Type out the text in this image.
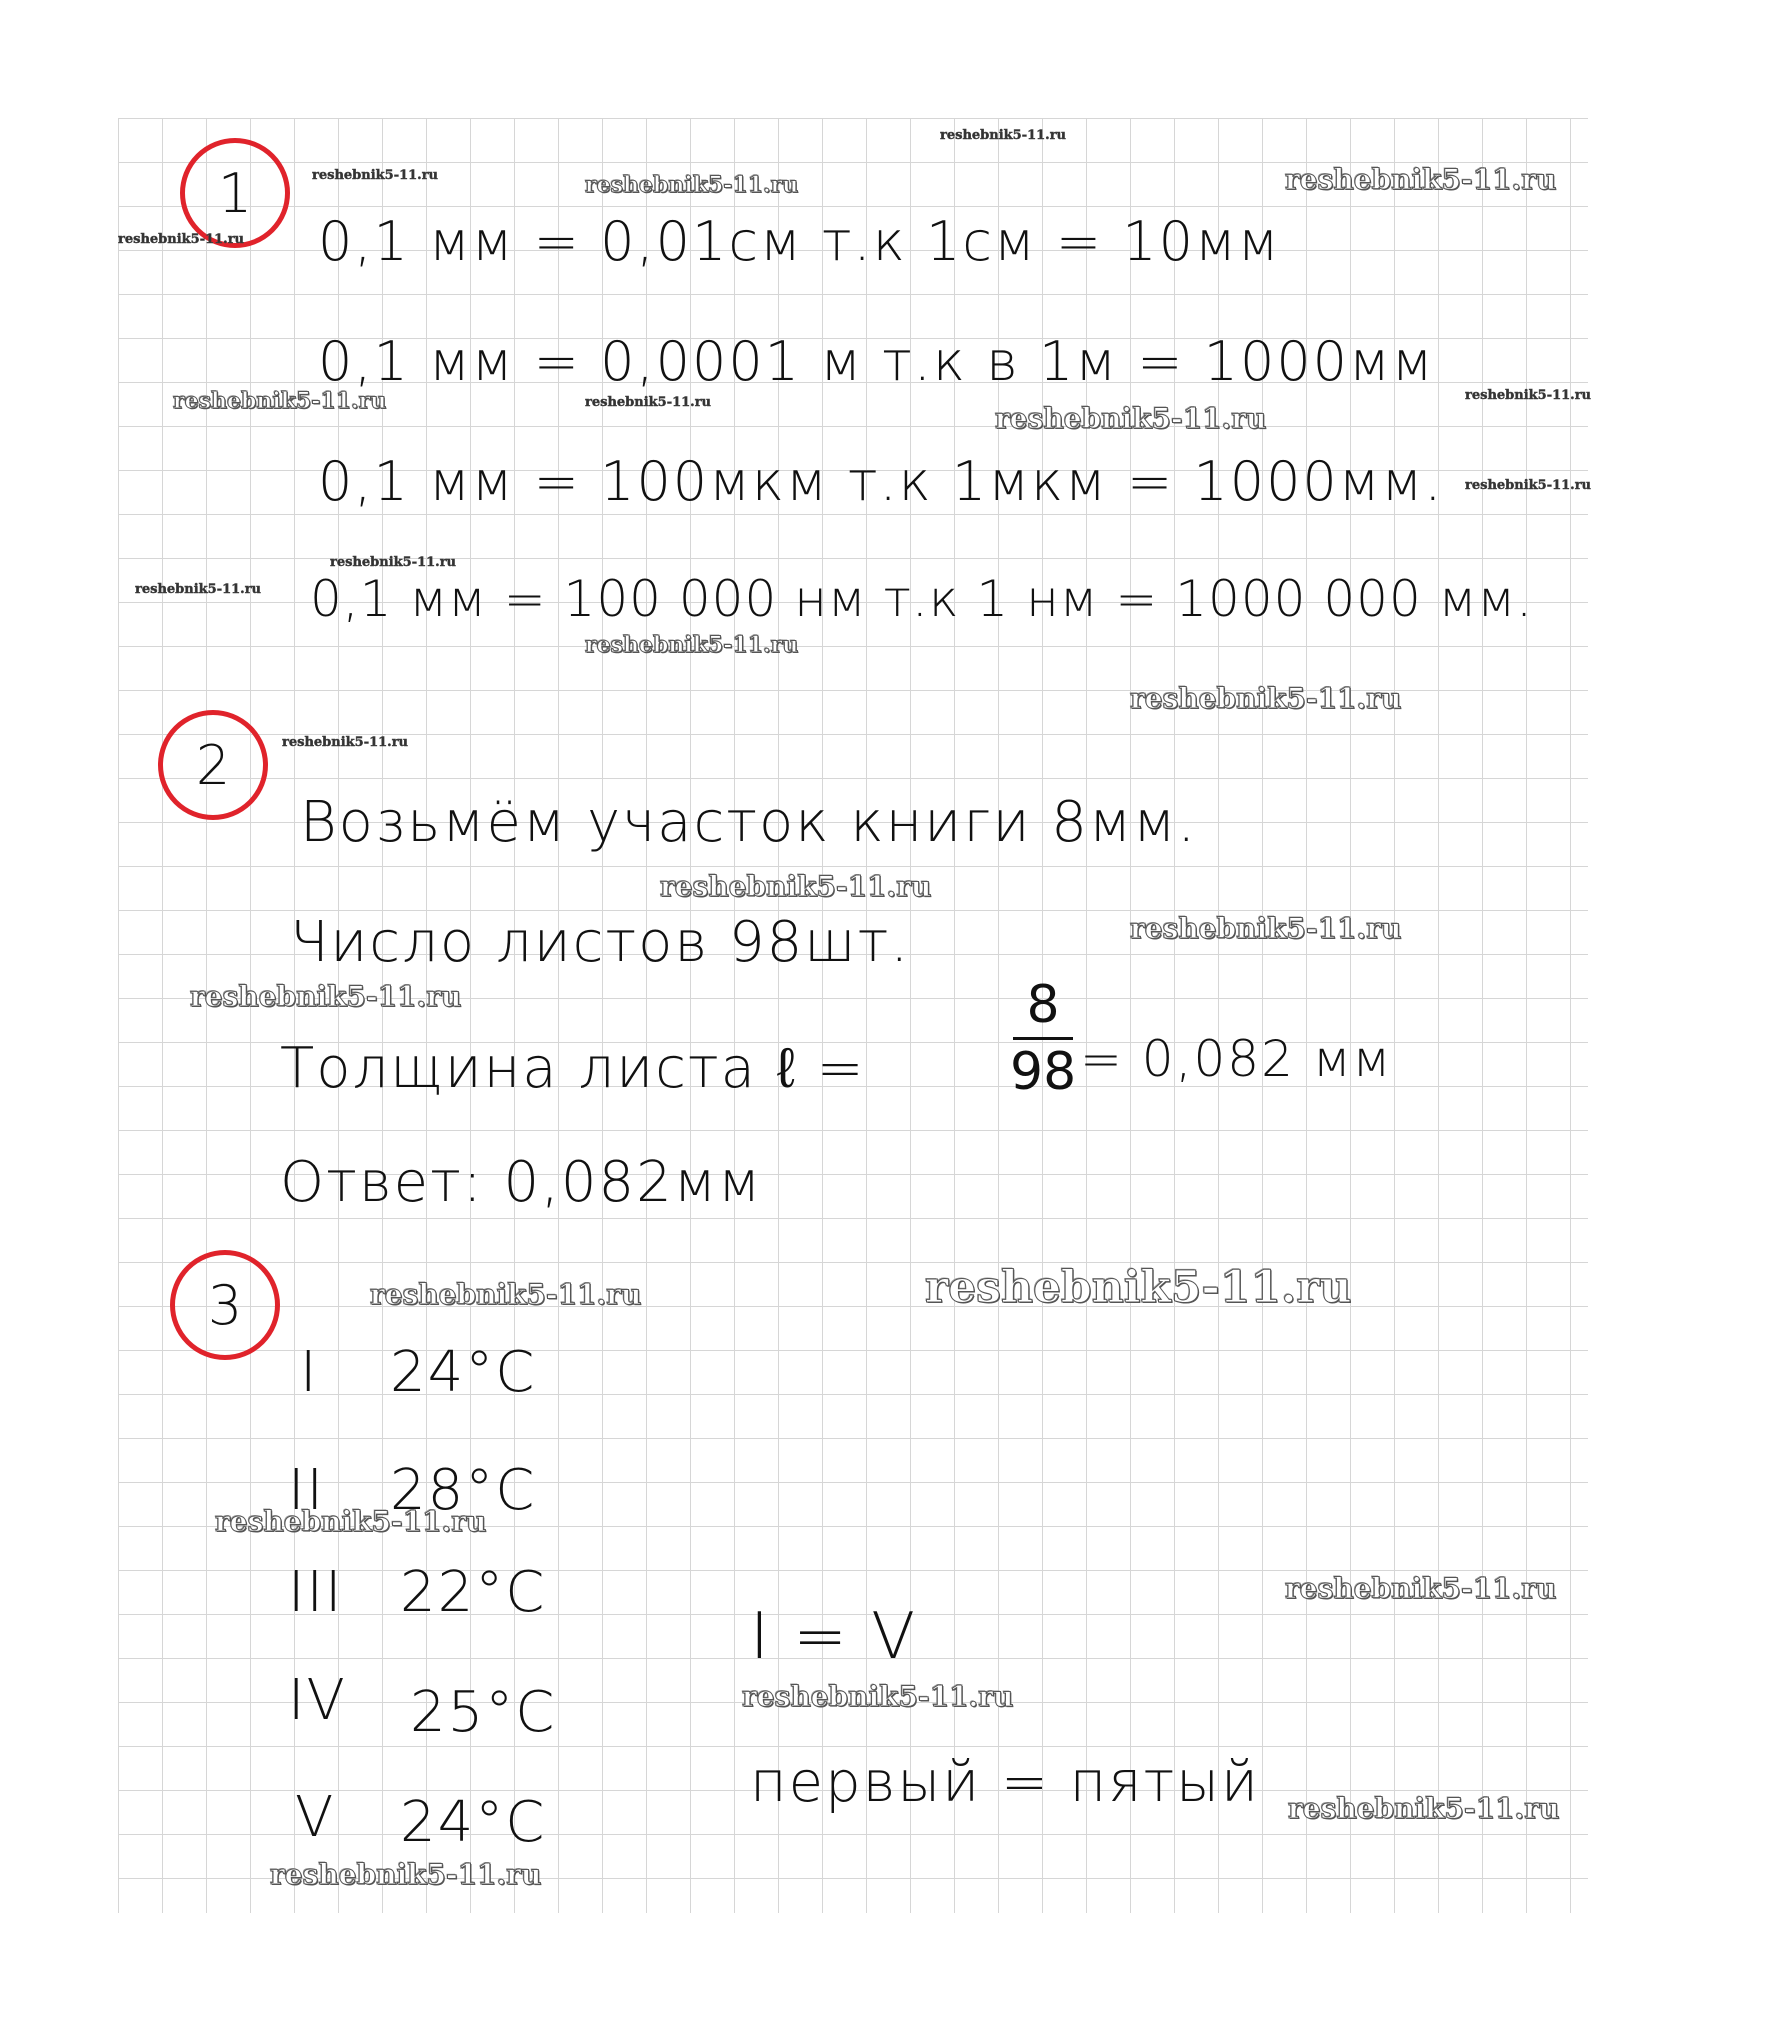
1
0,1 мм = 0,01см т.к 1см = 10мм
0,1 мм = 0,0001 м т.к в 1м = 1000мм
0,1 мм = 100мкм т.к 1мкм = 1000мм.
0,1 мм = 100 000 нм т.к 1 нм = 1000 000 мм.
2
Возьмём участок книги 8мм.
Число листов 98шт.
Толщина листа ℓ =
8
98 = 0,082 мм
Ответ: 0,082мм
3
I 24°C
II 28°C
III 22°C
IV 25°C
V 24°C
I = V
первый = пятый
reshebnik5-11.ru
reshebnik5-11.ru
reshebnik5-11.ru
reshebnik5-11.ru	reshebnik5-11.ru
reshebnik5-11.ru	reshebnik5-11.ru	reshebnik5-11.ru
reshebnik5-11.ru
reshebnik5-11.ru
reshebnik5-11.ru
reshebnik5-11.ru
reshebnik5-11.ru
reshebnik5-11.ru
reshebnik5-11.ru
reshebnik5-11.ru
reshebnik5-11.ru
reshebnik5-11.ru
reshebnik5-11.ru	reshebnik5-11.ru
reshebnik5-11.ru
reshebnik5-11.ru
reshebnik5-11.ru
reshebnik5-11.ru
reshebnik5-11.ru
